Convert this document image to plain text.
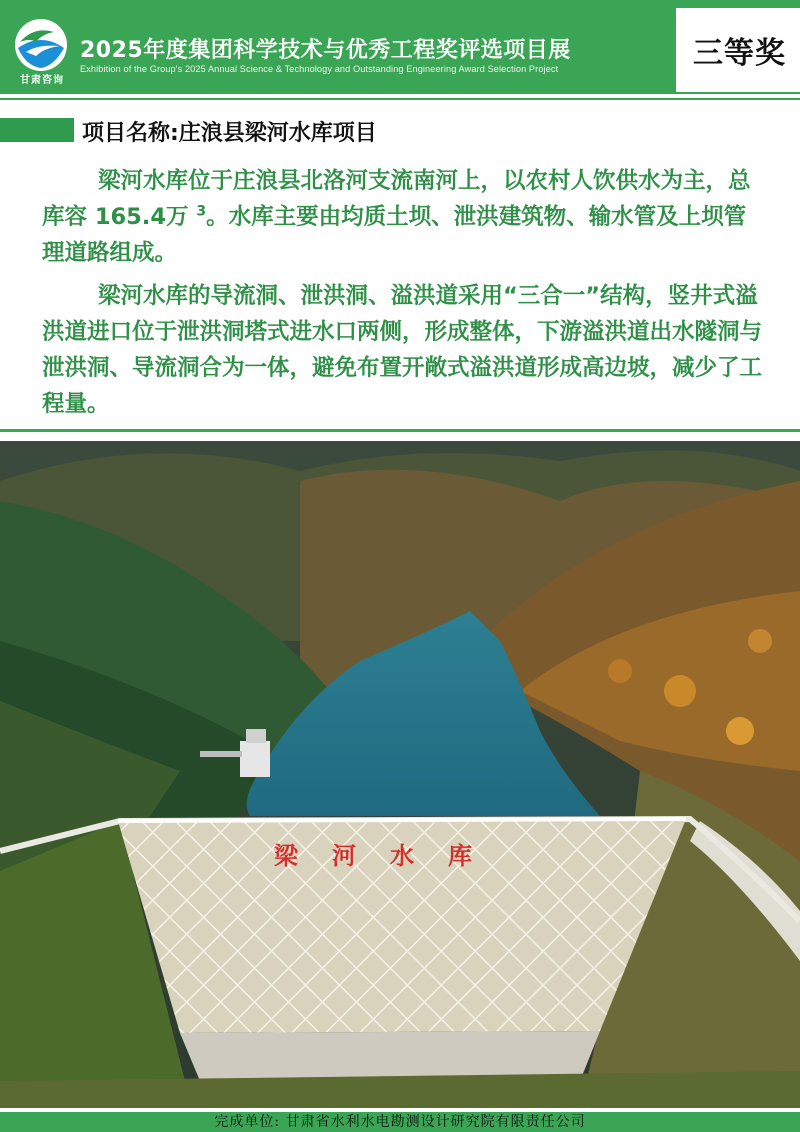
甘肃咨询
2025年度集团科学技术与优秀工程奖评选项目展
Exhibition of the Group's 2025 Annual Science & Technology and Outstanding Engineering Award Selection Project	三等奖
项目名称:庄浪县梁河水库项目

梁河水库位于庄浪县北洛河支流南河上，以农村人饮供水为主，总库容 165.4万 $^3$。水库主要由均质土坝、泄洪建筑物、输水管及上坝管理道路组成。

梁河水库的导流洞、泄洪洞、溢洪道采用“三合一”结构，竖井式溢洪道进口位于泄洪洞塔式进水口两侧，形成整体，下游溢洪道出水隧洞与泄洪洞、导流洞合为一体，避免布置开敞式溢洪道形成高边坡，减少了工程量。

梁河水库
完成单位: 甘肃省水利水电勘测设计研究院有限责任公司
